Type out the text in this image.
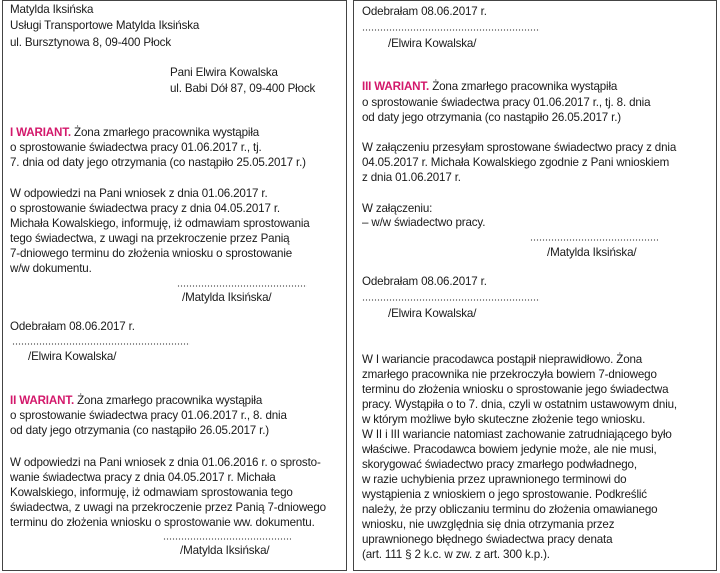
Matylda Iksińska

Usługi Transportowe Matylda Iksińska

ul. Bursztynowa 8, 09-400 Płock

Pani Elwira Kowalska

ul. Babi Dół 87, 09-400 Płock

I WARIANT. Żona zmarłego pracownika wystąpiła

o sprostowanie świadectwa pracy 01.06.2017 r., tj.

7. dnia od daty jego otrzymania (co nastąpiło 25.05.2017 r.)

W odpowiedzi na Pani wniosek z dnia 01.06.2017 r.

o sprostowanie świadectwa pracy z dnia 04.05.2017 r.

Michała Kowalskiego, informuję, iż odmawiam sprostowania

tego świadectwa, z uwagi na przekroczenie przez Panią

7-dniowego terminu do złożenia wniosku o sprostowanie

w/w dokumentu.

/Matylda Iksińska/

Odebrałam 08.06.2017 r.

/Elwira Kowalska/

II WARIANT. Żona zmarłego pracownika wystąpiła

o sprostowanie świadectwa pracy 01.06.2017 r., 8. dnia

od daty jego otrzymania (co nastąpiło 26.05.2017 r.)

W odpowiedzi na Pani wniosek z dnia 01.06.2016 r. o sprosto-

wanie świadectwa pracy z dnia 04.05.2017 r. Michała

Kowalskiego, informuję, iż odmawiam sprostowania tego

świadectwa, z uwagi na przekroczenie przez Panią 7-dniowego

terminu do złożenia wniosku o sprostowanie ww. dokumentu.

/Matylda Iksińska/

Odebrałam 08.06.2017 r.

/Elwira Kowalska/

III WARIANT. Żona zmarłego pracownika wystąpiła

o sprostowanie świadectwa pracy 01.06.2017 r., tj. 8. dnia

od daty jego otrzymania (co nastąpiło 26.05.2017 r.)

W załączeniu przesyłam sprostowane świadectwo pracy z dnia

04.05.2017 r. Michała Kowalskiego zgodnie z Pani wnioskiem

z dnia 01.06.2017 r.

W załączeniu:

– w/w świadectwo pracy.

/Matylda Iksińska/

Odebrałam 08.06.2017 r.

/Elwira Kowalska/

W I wariancie pracodawca postąpił nieprawidłowo. Żona

zmarłego pracownika nie przekroczyła bowiem 7-dniowego

terminu do złożenia wniosku o sprostowanie jego świadectwa

pracy. Wystąpiła o to 7. dnia, czyli w ostatnim ustawowym dniu,

w którym możliwe było skuteczne złożenie tego wniosku.

W II i III wariancie natomiast zachowanie zatrudniającego było

właściwe. Pracodawca bowiem jedynie może, ale nie musi,

skorygować świadectwo pracy zmarłego podwładnego,

w razie uchybienia przez uprawnionego terminowi do

wystąpienia z wnioskiem o jego sprostowanie. Podkreślić

należy, że przy obliczaniu terminu do złożenia omawianego

wniosku, nie uwzględnia się dnia otrzymania przez

uprawnionego błędnego świadectwa pracy denata

(art. 111 § 2 k.c. w zw. z art. 300 k.p.).
